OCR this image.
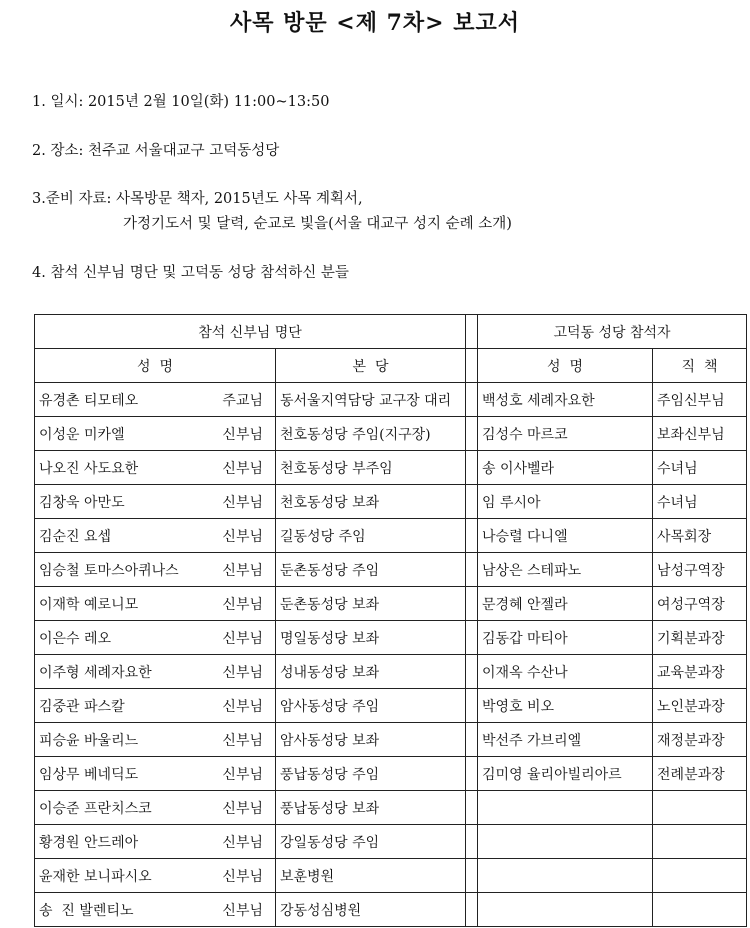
사목 방문 <제 7차> 보고서
1. 일시: 2015년 2월 10일(화) 11:00~13:50
2. 장소: 천주교 서울대교구 고덕동성당
3.준비 자료: 사목방문 책자, 2015년도 사목 계획서,
가정기도서 및 달력, 순교로 빛을(서울 대교구 성지 순례 소개)
4. 참석 신부님 명단 및 고덕동 성당 참석하신 분들
참석 신부님 명단			고덕동 성당 참석자	
성  명	본  당		성  명	직  책

유경촌 티모테오 주교님	동서울지역담당 교구장 대리		백성호 세례자요한	주임신부님

이성운 미카엘 신부님	천호동성당 주임(지구장)		김성수 마르코	보좌신부님

나오진 사도요한 신부님	천호동성당 부주임		송 이사벨라	수녀님

김창욱 아만도 신부님	천호동성당 보좌		임 루시아	수녀님

김순진 요셉 신부님	길동성당 주임		나승렬 다니엘	사목회장

임승철 토마스아퀴나스 신부님	둔촌동성당 주임		남상은 스테파노	남성구역장

이재학 예로니모 신부님	둔촌동성당 보좌		문경혜 안젤라	여성구역장

이은수 레오 신부님	명일동성당 보좌		김동갑 마티아	기획분과장

이주형 세례자요한 신부님	성내동성당 보좌		이재옥 수산나	교육분과장

김중관 파스칼 신부님	암사동성당 주임		박영호 비오	노인분과장

피승윤 바울리느 신부님	암사동성당 보좌		박선주 가브리엘	재정분과장

임상무 베네딕도 신부님	풍납동성당 주임		김미영 율리아빌리아르	전례분과장

이승준 프란치스코 신부님	풍납동성당 보좌			

황경원 안드레아 신부님	강일동성당 주임			

윤재한 보니파시오 신부님	보훈병원			

송  진 발렌티노 신부님	강동성심병원			
